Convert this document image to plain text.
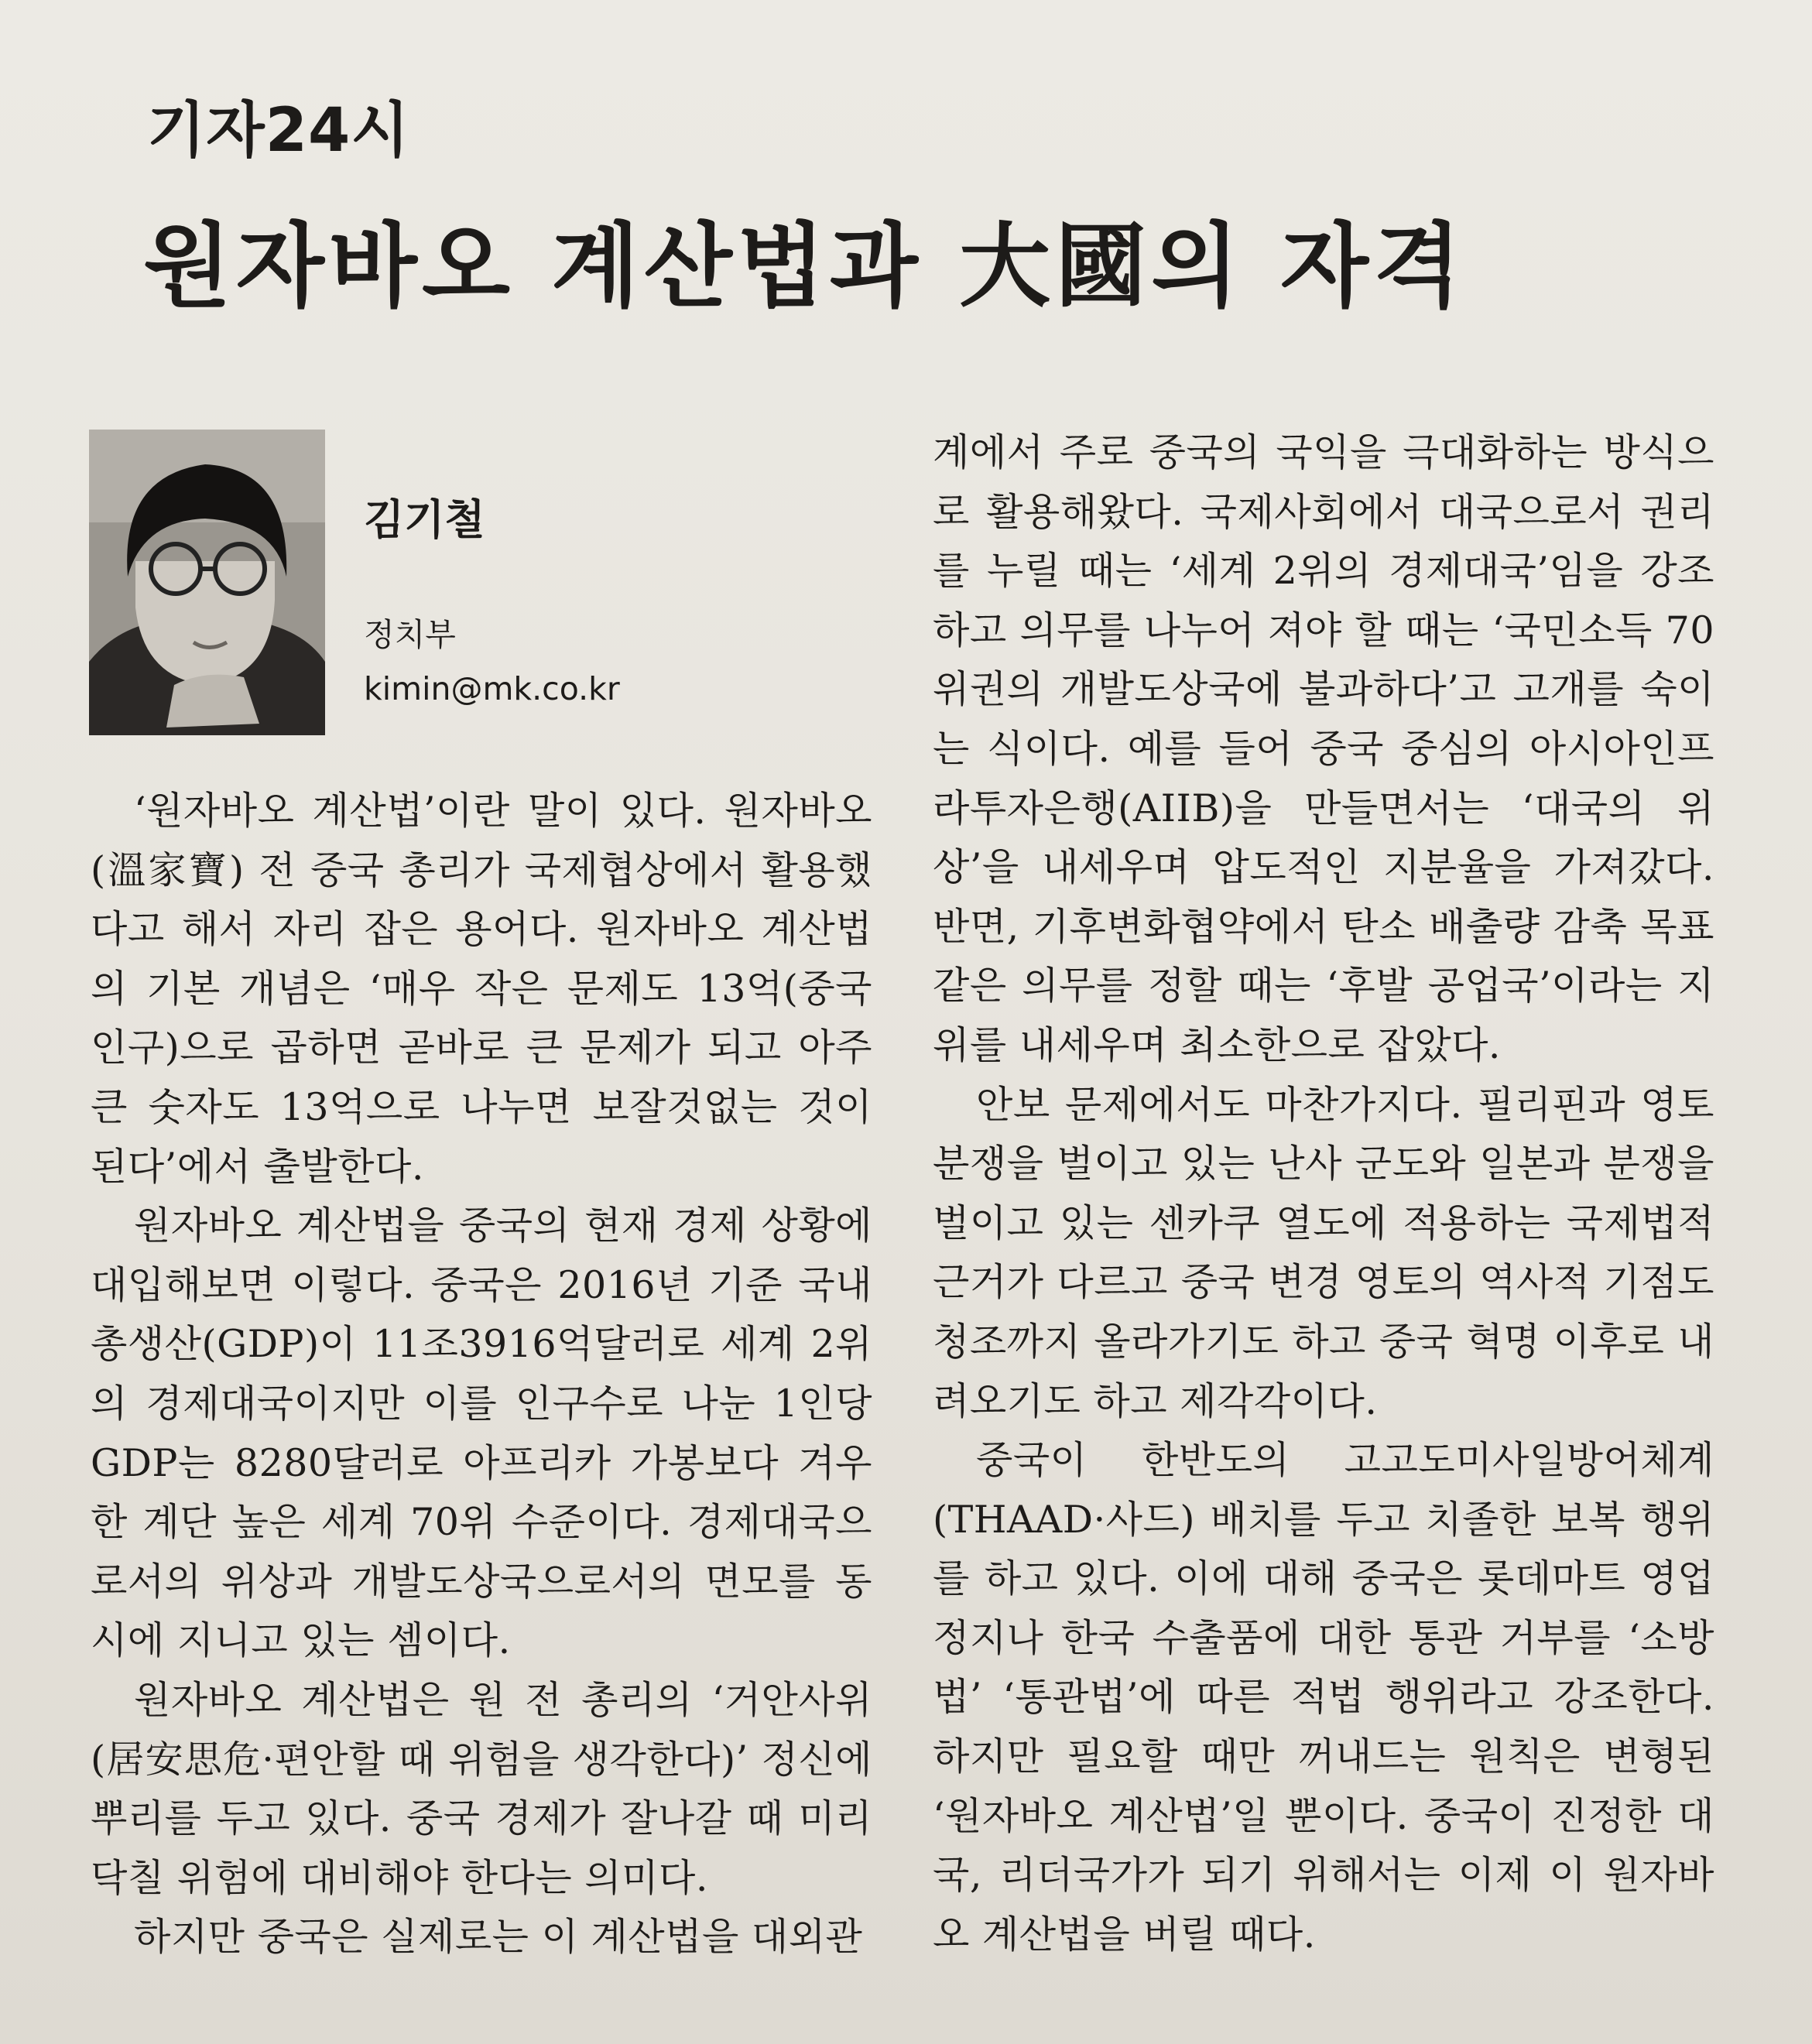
기자24시
원자바오 계산법과 大國의 자격
김기철
정치부
kimin@mk.co.kr

‘원자바오 계산법’이란 말이 있다. 원자바오(溫家寶) 전 중국 총리가 국제협상에서 활용했다고 해서 자리 잡은 용어다. 원자바오 계산법의 기본 개념은 ‘매우 작은 문제도 13억(중국 인구)으로 곱하면 곧바로 큰 문제가 되고 아주 큰 숫자도 13억으로 나누면 보잘것없는 것이 된다’에서 출발한다.

원자바오 계산법을 중국의 현재 경제 상황에 대입해보면 이렇다. 중국은 2016년 기준 국내총생산(GDP)이 11조3916억달러로 세계 2위의 경제대국이지만 이를 인구수로 나눈 1인당 GDP는 8280달러로 아프리카 가봉보다 겨우 한 계단 높은 세계 70위 수준이다. 경제대국으로서의 위상과 개발도상국으로서의 면모를 동시에 지니고 있는 셈이다.

원자바오 계산법은 원 전 총리의 ‘거안사위(居安思危·편안할 때 위험을 생각한다)’ 정신에 뿌리를 두고 있다. 중국 경제가 잘나갈 때 미리 닥칠 위험에 대비해야 한다는 의미다.

하지만 중국은 실제로는 이 계산법을 대외관

계에서 주로 중국의 국익을 극대화하는 방식으로 활용해왔다. 국제사회에서 대국으로서 권리를 누릴 때는 ‘세계 2위의 경제대국’임을 강조하고 의무를 나누어 져야 할 때는 ‘국민소득 70위권의 개발도상국에 불과하다’고 고개를 숙이는 식이다. 예를 들어 중국 중심의 아시아인프라투자은행(AIIB)을 만들면서는 ‘대국의 위상’을 내세우며 압도적인 지분율을 가져갔다. 반면, 기후변화협약에서 탄소 배출량 감축 목표 같은 의무를 정할 때는 ‘후발 공업국’이라는 지위를 내세우며 최소한으로 잡았다.

안보 문제에서도 마찬가지다. 필리핀과 영토 분쟁을 벌이고 있는 난사 군도와 일본과 분쟁을 벌이고 있는 센카쿠 열도에 적용하는 국제법적 근거가 다르고 중국 변경 영토의 역사적 기점도 청조까지 올라가기도 하고 중국 혁명 이후로 내려오기도 하고 제각각이다.

중국이 한반도의 고고도미사일방어체계(THAAD·사드) 배치를 두고 치졸한 보복 행위를 하고 있다. 이에 대해 중국은 롯데마트 영업정지나 한국 수출품에 대한 통관 거부를 ‘소방법’ ‘통관법’에 따른 적법 행위라고 강조한다. 하지만 필요할 때만 꺼내드는 원칙은 변형된 ‘원자바오 계산법’일 뿐이다. 중국이 진정한 대국, 리더국가가 되기 위해서는 이제 이 원자바오 계산법을 버릴 때다.
